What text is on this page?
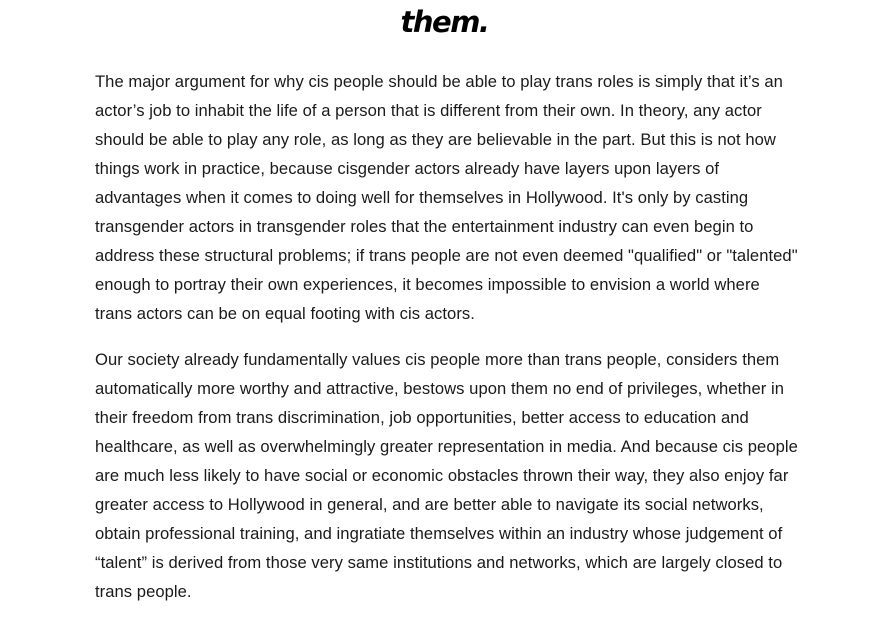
them.

The major argument for why cis people should be able to play trans roles is simply that it’s an actor’s job to inhabit the life of a person that is different from their own. In theory, any actor should be able to play any role, as long as they are believable in the part. But this is not how things work in practice, because cisgender actors already have layers upon layers of advantages when it comes to doing well for themselves in Hollywood. It's only by casting transgender actors in transgender roles that the entertainment industry can even begin to address these structural problems; if trans people are not even deemed "qualified" or "talented" enough to portray their own experiences, it becomes impossible to envision a world where trans actors can be on equal footing with cis actors.

Our society already fundamentally values cis people more than trans people, considers them automatically more worthy and attractive, bestows upon them no end of privileges, whether in their freedom from trans discrimination, job opportunities, better access to education and healthcare, as well as overwhelmingly greater representation in media. And because cis people are much less likely to have social or economic obstacles thrown their way, they also enjoy far greater access to Hollywood in general, and are better able to navigate its social networks, obtain professional training, and ingratiate themselves within an industry whose judgement of “talent” is derived from those very same institutions and networks, which are largely closed to trans people.
